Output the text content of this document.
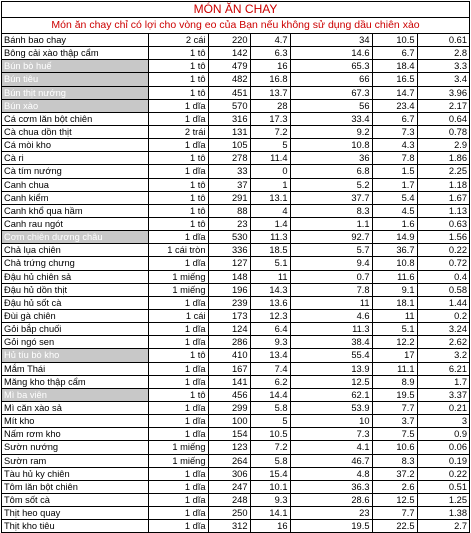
MÓN ĂN CHAY
Món ăn chay chỉ có lợi cho vòng eo của Bạn nếu không sử dụng dầu chiên xào
Bánh bao chay	2 cái	220	4.7	34	10.5	0.61
Bông cải xào thập cẩm	1 tô	142	6.3	14.6	6.7	2.8
Bún bò huế	1 tô	479	16	65.3	18.4	3.3
Bún tiêu	1 tô	482	16.8	66	16.5	3.4
Bún thịt nướng	1 tô	451	13.7	67.3	14.7	3.96
Bún xào	1 dĩa	570	28	56	23.4	2.17
Cá cơm lăn bột chiên	1 dĩa	316	17.3	33.4	6.7	0.64
Cà chua dồn thịt	2 trái	131	7.2	9.2	7.3	0.78
Cá mòi kho	1 dĩa	105	5	10.8	4.3	2.9
Cà ri	1 tô	278	11.4	36	7.8	1.86
Cà tím nướng	1 dĩa	33	0	6.8	1.5	2.25
Canh chua	1 tô	37	1	5.2	1.7	1.18
Canh kiểm	1 tô	291	13.1	37.7	5.4	1.67
Canh khổ qua hầm	1 tô	88	4	8.3	4.5	1.13
Canh rau ngót	1 tô	23	1.4	1.1	1.6	0.63
Cơm chiên dương châu	1 dĩa	530	11.3	92.7	14.9	1.56
Chả lụa chiên	1 cái tròn	336	18.5	5.7	36.7	0.22
Chả trứng chưng	1 dĩa	127	5.1	9.4	10.8	0.72
Đậu hủ chiên sả	1 miếng	148	11	0.7	11.6	0.4
Đậu hủ dồn thịt	1 miếng	196	14.3	7.8	9.1	0.58
Đậu hủ sốt cà	1 dĩa	239	13.6	11	18.1	1.44
Đùi gà chiên	1 cái	173	12.3	4.6	11	0.2
Gỏi bắp chuối	1 dĩa	124	6.4	11.3	5.1	3.24
Gỏi ngó sen	1 dĩa	286	9.3	38.4	12.2	2.62
Hủ tíu bò kho	1 tô	410	13.4	55.4	17	3.2
Mắm Thái	1 dĩa	167	7.4	13.9	11.1	6.21
Măng kho thập cẩm	1 dĩa	141	6.2	12.5	8.9	1.7
Mì ba viên	1 tô	456	14.4	62.1	19.5	3.37
Mì căn xào sả	1 dĩa	299	5.8	53.9	7.7	0.21
Mít kho	1 dĩa	100	5	10	3.7	3
Nấm rơm kho	1 dĩa	154	10.5	7.3	7.5	0.9
Sườn nướng	1 miếng	123	7.2	4.1	10.6	0.06
Sườn ram	1 miếng	264	5.8	46.7	8.3	0.19
Tàu hủ ky chiên	1 dĩa	306	15.4	4.8	37.2	0.22
Tôm lăn bột chiên	1 dĩa	247	10.1	36.3	2.6	0.51
Tôm sốt cà	1 dĩa	248	9.3	28.6	12.5	1.25
Thịt heo quay	1 dĩa	250	14.1	23	7.7	1.38
Thịt kho tiêu	1 dĩa	312	16	19.5	22.5	2.7
